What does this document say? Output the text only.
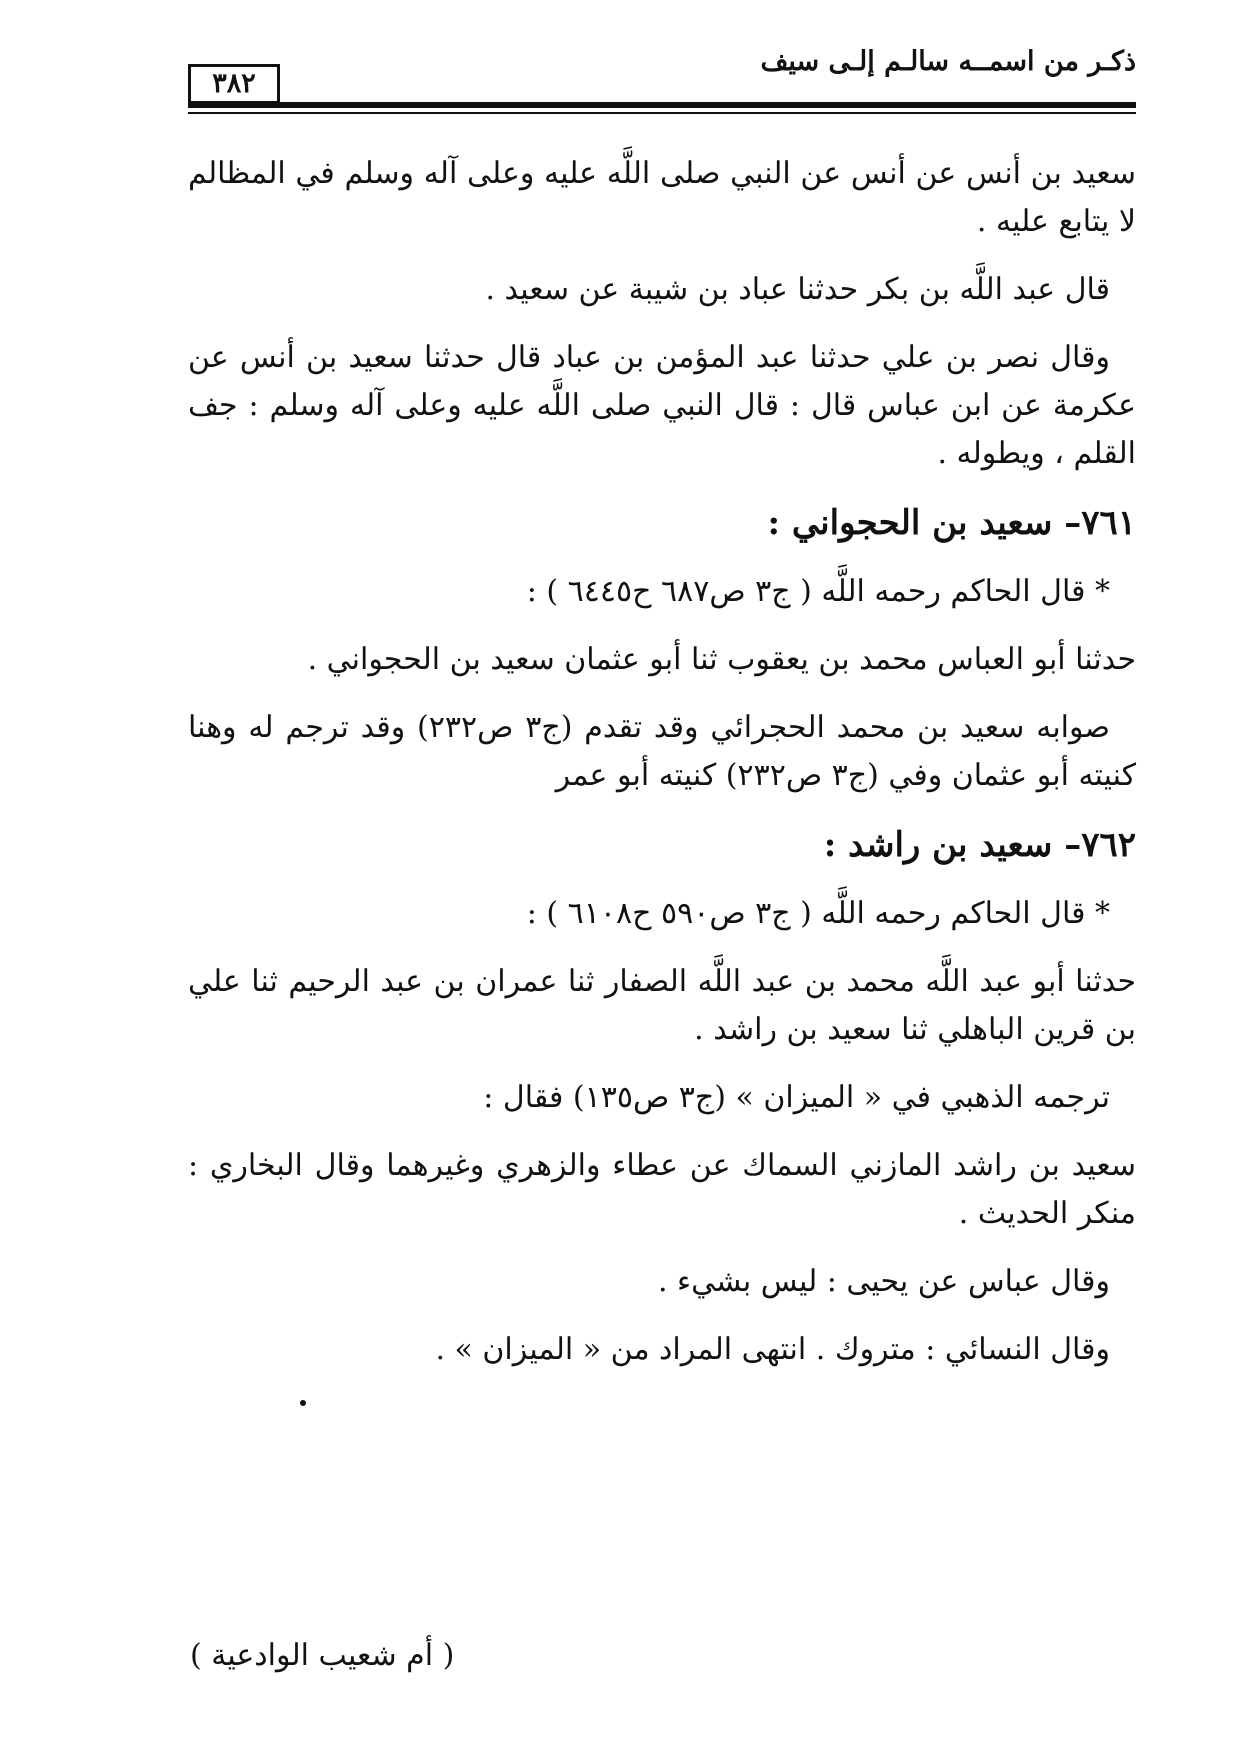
ذكـر من اسمــه سالـم إلـى سيف
٣٨٢

سعيد بن أنس عن أنس عن النبي صلى اللَّه عليه وعلى آله وسلم في المظالم لا يتابع عليه .

قال عبد اللَّه بن بكر حدثنا عباد بن شيبة عن سعيد .

وقال نصر بن علي حدثنا عبد المؤمن بن عباد قال حدثنا سعيد بن أنس عن عكرمة عن ابن عباس قال : قال النبي صلى اللَّه عليه وعلى آله وسلم : جف القلم ، ويطوله .

٧٦١– سعيد بن الحجواني :

* قال الحاكم رحمه اللَّه ( ج٣ ص٦٨٧ ح٦٤٤٥ ) :

حدثنا أبو العباس محمد بن يعقوب ثنا أبو عثمان سعيد بن الحجواني .

صوابه سعيد بن محمد الحجرائي وقد تقدم (ج٣ ص٢٣٢) وقد ترجم له وهنا كنيته أبو عثمان وفي (ج٣ ص٢٣٢) كنيته أبو عمر

٧٦٢– سعيد بن راشد :

* قال الحاكم رحمه اللَّه ( ج٣ ص٥٩٠ ح٦١٠٨ ) :

حدثنا أبو عبد اللَّه محمد بن عبد اللَّه الصفار ثنا عمران بن عبد الرحيم ثنا علي بن قرين الباهلي ثنا سعيد بن راشد .

ترجمه الذهبي في « الميزان » (ج٣ ص١٣٥) فقال :

سعيد بن راشد المازني السماك عن عطاء والزهري وغيرهما وقال البخاري : منكر الحديث .

وقال عباس عن يحيى : ليس بشيء .

وقال النسائي : متروك . انتهى المراد من « الميزان » .

( أم شعيب الوادعية )
